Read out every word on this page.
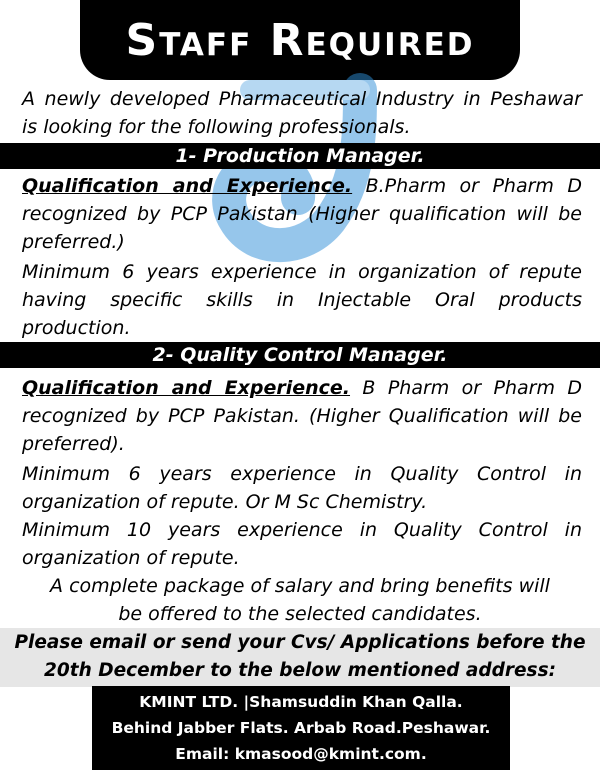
Staff Required
A newly developed Pharmaceutical Industry in Peshawar is looking for the following professionals.
1- Production Manager.
Qualification and Experience. B.Pharm or Pharm D recognized by PCP Pakistan (Higher qualification will be preferred.)
Minimum 6 years experience in organization of repute having specific skills in Injectable Oral products production.
2- Quality Control Manager.
Qualification and Experience. B Pharm or Pharm D recognized by PCP Pakistan. (Higher Qualification will be preferred).
Minimum 6 years experience in Quality Control in organization of repute. Or M Sc Chemistry.
Minimum 10 years experience in Quality Control in organization of repute.
A complete package of salary and bring benefits will be offered to the selected candidates.
Please email or send your Cvs/ Applications before the
20th December to the below mentioned address:
KMINT LTD. |Shamsuddin Khan Qalla.
Behind Jabber Flats. Arbab Road.Peshawar.
Email: kmasood@kmint.com.
